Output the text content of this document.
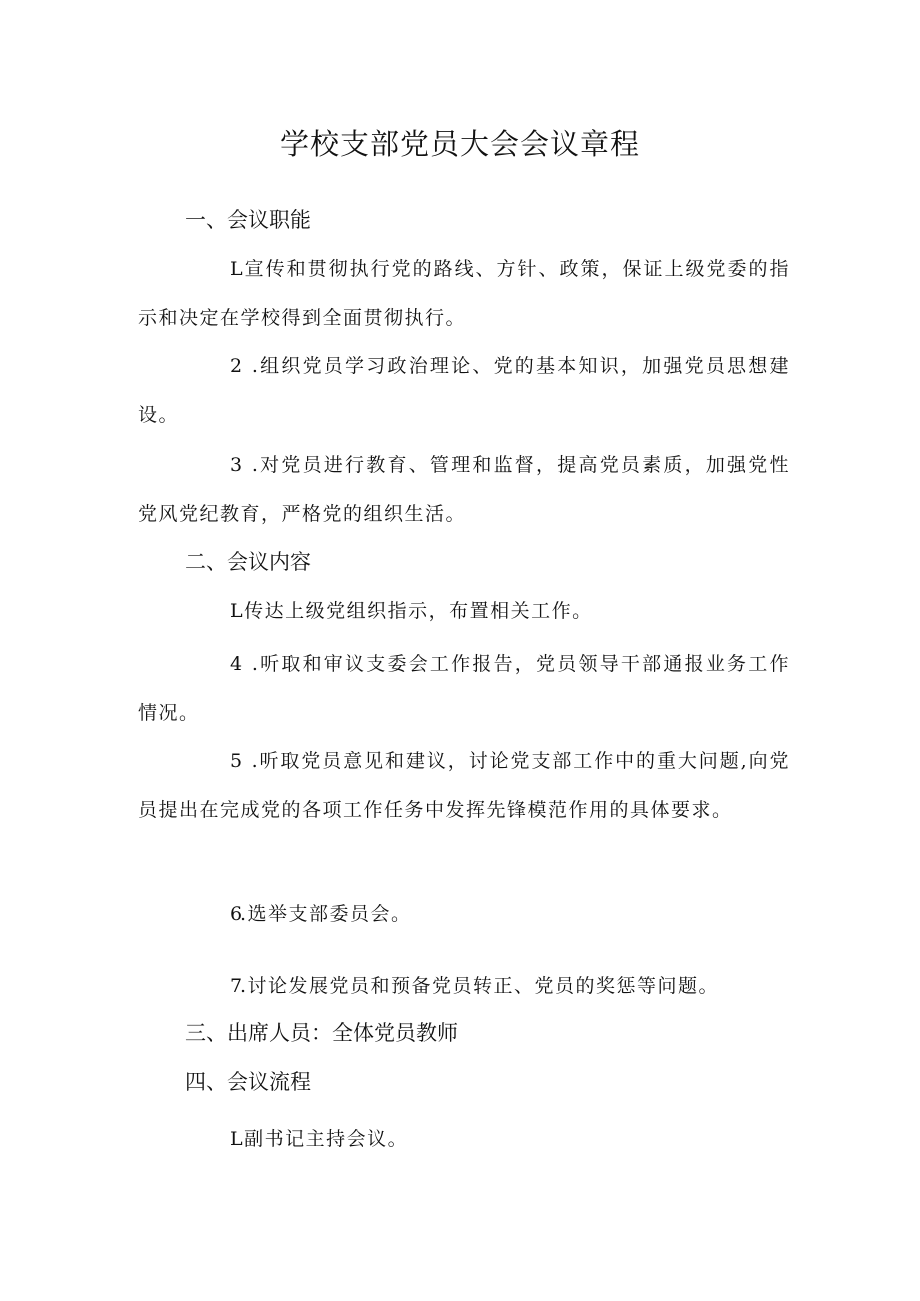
学校支部党员大会会议章程
一、会议职能
L宣传和贯彻执行党的路线、方针、政策，保证上级党委的指示和决定在学校得到全面贯彻执行。
2 .组织党员学习政治理论、党的基本知识，加强党员思想建设。
3 .对党员进行教育、管理和监督，提高党员素质，加强党性党风党纪教育，严格党的组织生活。
二、会议内容
L传达上级党组织指示，布置相关工作。
4 .听取和审议支委会工作报告，党员领导干部通报业务工作情况。
5 .听取党员意见和建议，讨论党支部工作中的重大问题,向党员提出在完成党的各项工作任务中发挥先锋模范作用的具体要求。
6.选举支部委员会。
7.讨论发展党员和预备党员转正、党员的奖惩等问题。
三、出席人员：全体党员教师
四、会议流程
L副书记主持会议。
